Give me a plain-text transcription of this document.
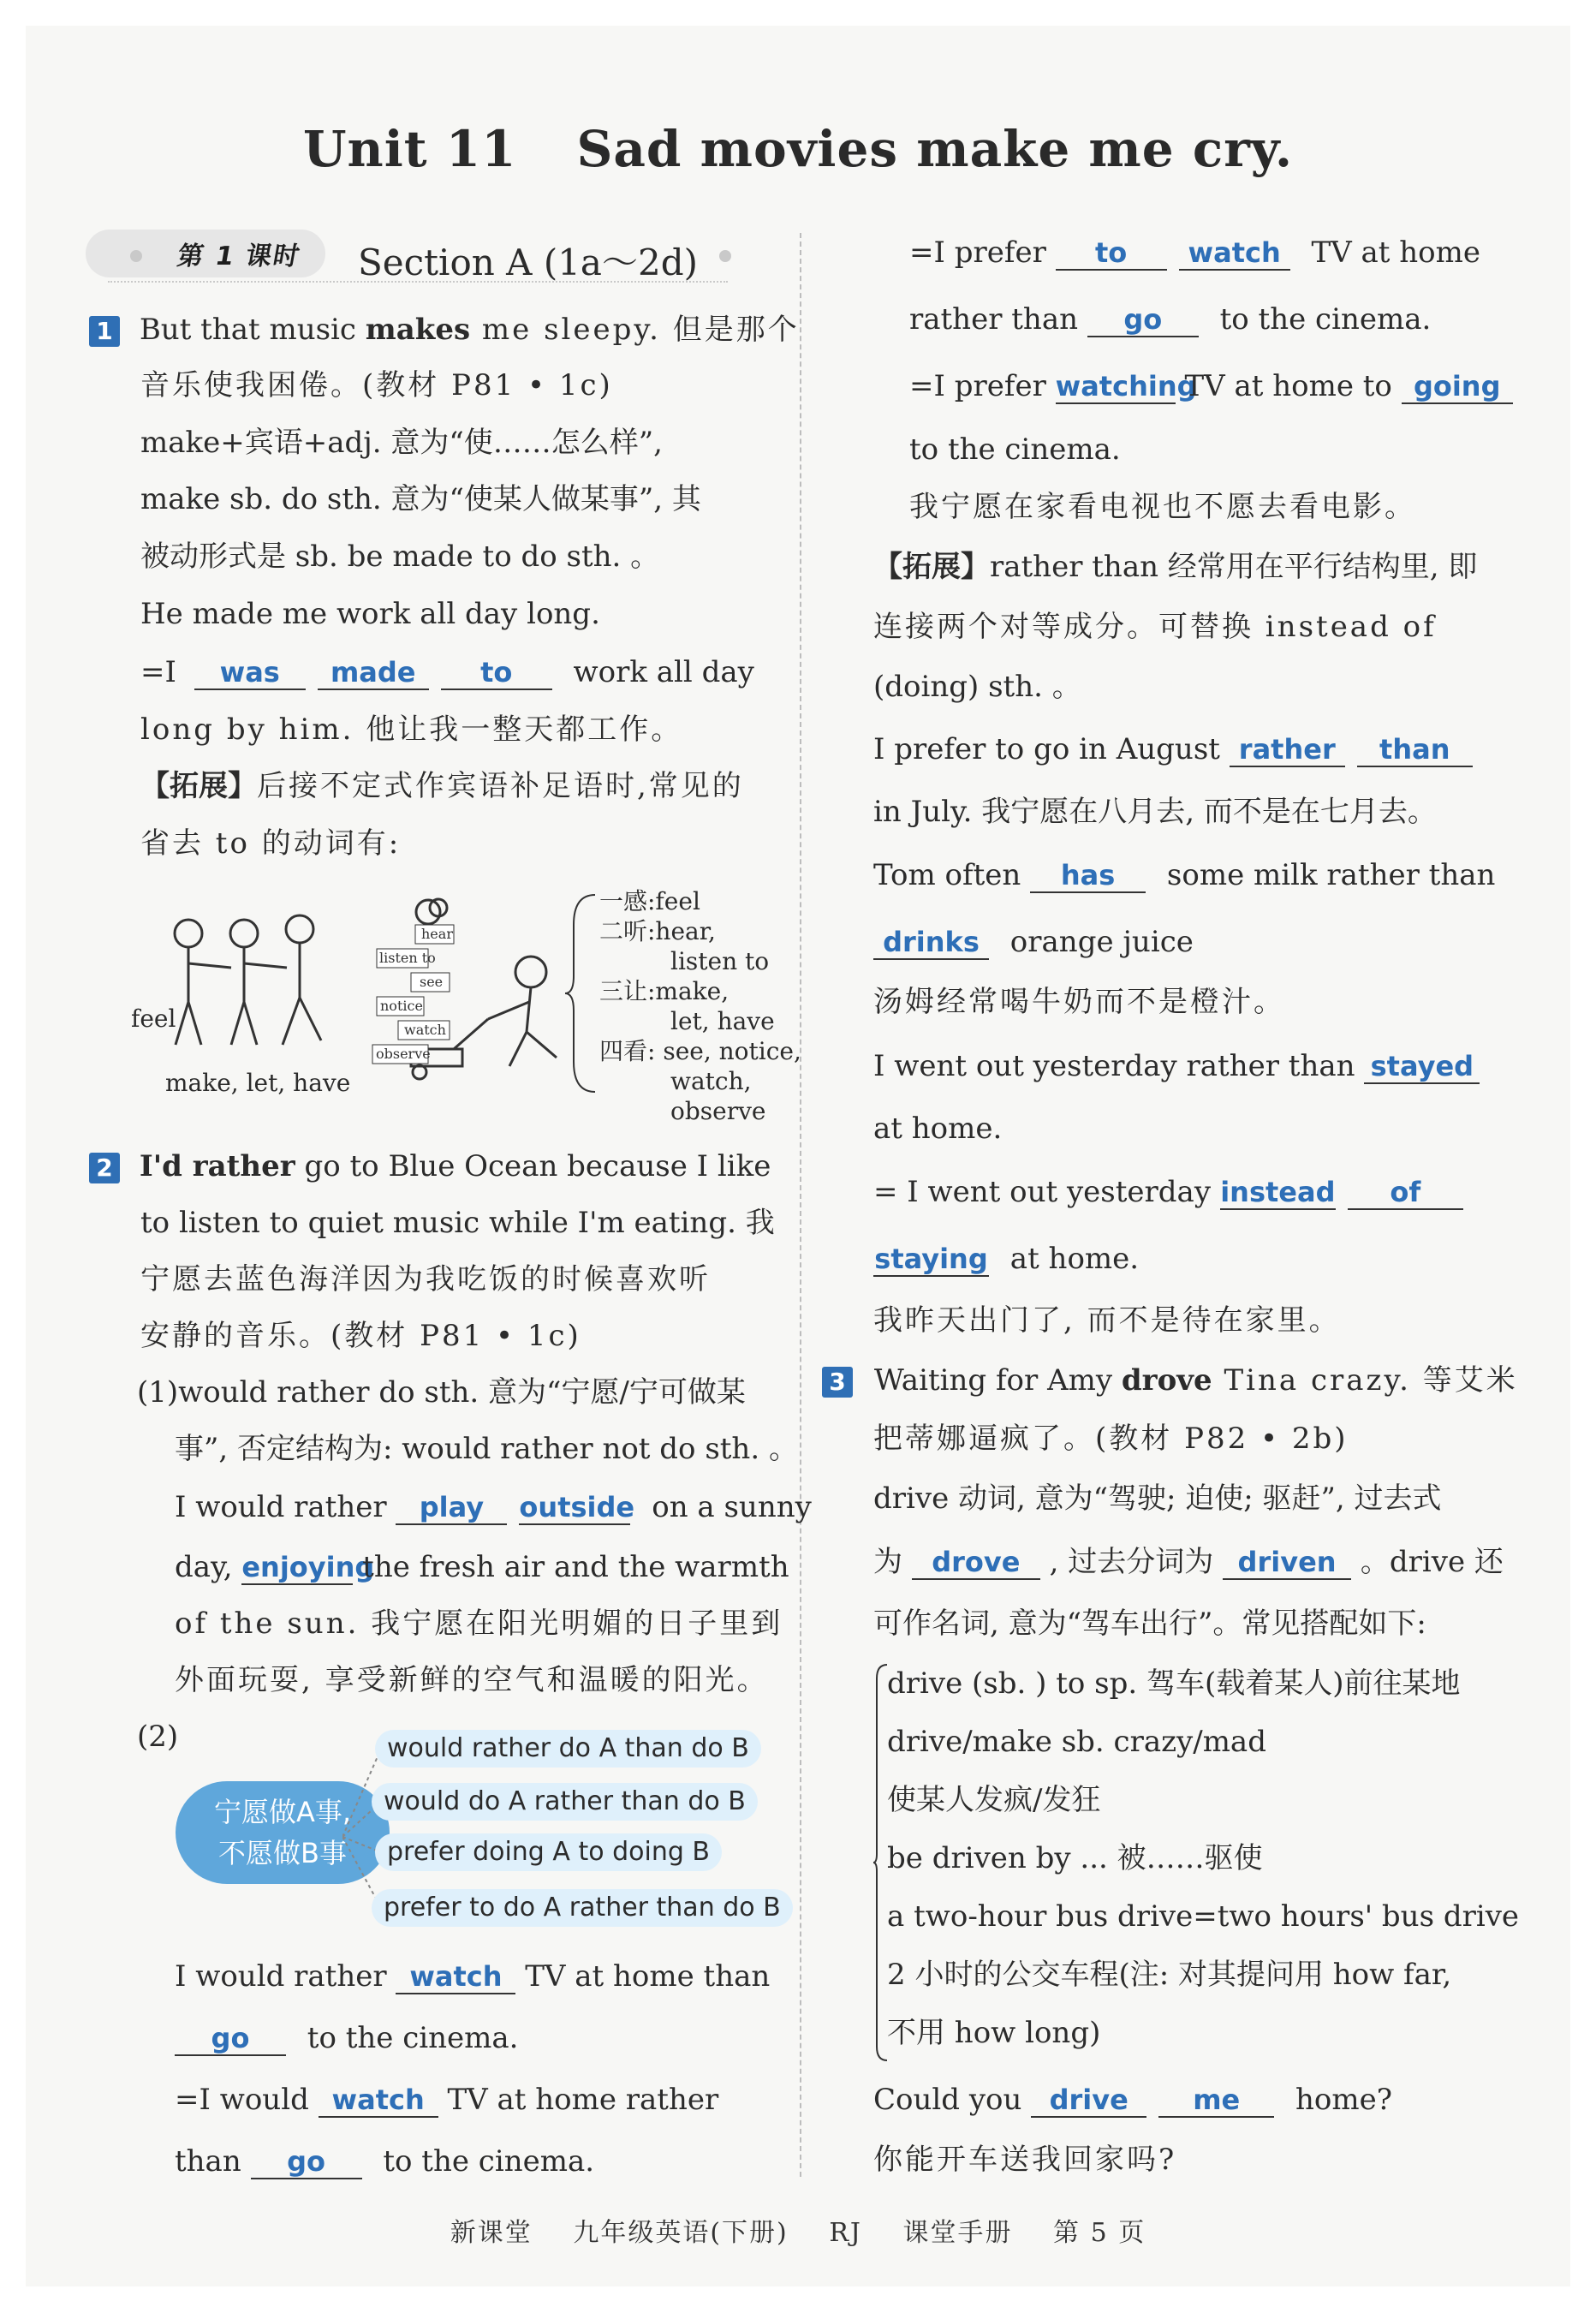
Unit 11 Sad movies make me cry.
第 1 课时 Section A (1a～2d)
1 But that music makes me sleepy. 但是那个
音乐使我困倦。(教材 P81 • 1c)
make+宾语+adj. 意为“使……怎么样”,
make sb. do sth. 意为“使某人做某事”, 其
被动形式是 sb. be made to do sth. 。
He made me work all day long.
=I was made to work all day
long by him. 他让我一整天都工作。
【拓展】后接不定式作宾语补足语时,常见的
省去 to 的动词有:
hear
listen to
see
notice
watch
observe
feel
make, let, have
一感:feel
二听:hear,
listen to
三让:make,
let, have
四看: see, notice,
watch,
observe
2 I'd rather go to Blue Ocean because I like
to listen to quiet music while I'm eating. 我
宁愿去蓝色海洋因为我吃饭的时候喜欢听
安静的音乐。(教材 P81 • 1c)
(1)would rather do sth. 意为“宁愿/宁可做某
事”, 否定结构为: would rather not do sth. 。
I would rather play outside on a sunny
day, enjoying the fresh air and the warmth
of the sun. 我宁愿在阳光明媚的日子里到
外面玩耍, 享受新鲜的空气和温暖的阳光。
(2)
宁愿做A事,
不愿做B事
would rather do A than do B
would do A rather than do B
prefer doing A to doing B
prefer to do A rather than do B
I would rather watch TV at home than
go to the cinema.
=I would watch TV at home rather
than go to the cinema.
=I prefer to watch TV at home
rather than go to the cinema.
=I prefer watching TV at home to going
to the cinema.
我宁愿在家看电视也不愿去看电影。
【拓展】rather than 经常用在平行结构里, 即
连接两个对等成分。可替换 instead of
(doing) sth. 。
I prefer to go in August rather than
in July. 我宁愿在八月去, 而不是在七月去。
Tom often has some milk rather than
drinks orange juice
汤姆经常喝牛奶而不是橙汁。
I went out yesterday rather than stayed
at home.
= I went out yesterday instead of
staying at home.
我昨天出门了, 而不是待在家里。
3 Waiting for Amy drove Tina crazy. 等艾米
把蒂娜逼疯了。(教材 P82 • 2b)
drive 动词, 意为“驾驶; 迫使; 驱赶”, 过去式
为 drove , 过去分词为 driven 。drive 还
可作名词, 意为“驾车出行”。常见搭配如下:
drive (sb. ) to sp. 驾车(载着某人)前往某地
drive/make sb. crazy/mad
使某人发疯/发狂
be driven by ... 被……驱使
a two-hour bus drive=two hours' bus drive
2 小时的公交车程(注: 对其提问用 how far,
不用 how long)
Could you drive me home?
你能开车送我回家吗?
新课堂 九年级英语(下册) RJ 课堂手册 第 5 页
